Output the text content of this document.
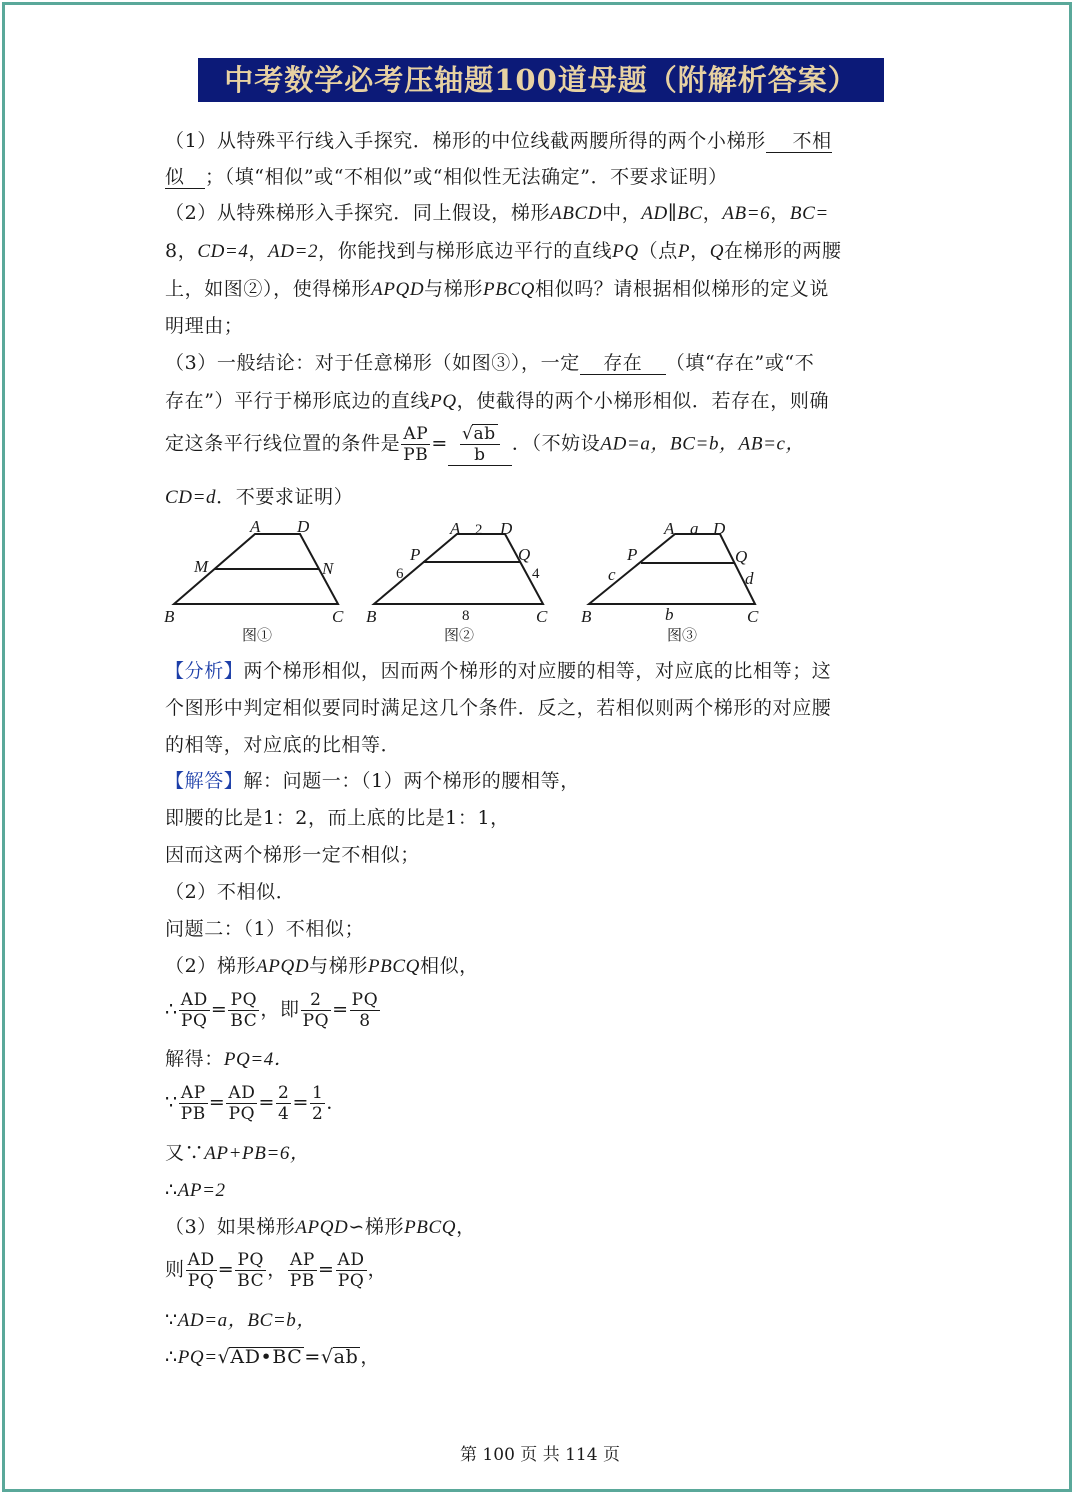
中考数学必考压轴题100道母题（附解析答案）
（1）从特殊平行线入手探究．梯形的中位线截两腰所得的两个小梯形 不相
似 ；（填“相似”或“不相似”或“相似性无法确定”．不要求证明）
（2）从特殊梯形入手探究．同上假设，梯形ABCD中，AD∥BC，AB=6，BC=
8，CD=4，AD=2，你能找到与梯形底边平行的直线PQ（点P，Q在梯形的两腰
上，如图②），使得梯形APQD与梯形PBCQ相似吗？请根据相似梯形的定义说
明理由；
（3）一般结论：对于任意梯形（如图③），一定 存在 （填“存在”或“不
存在”）平行于梯形底边的直线PQ，使截得的两个小梯形相似．若存在，则确
定这条平行线位置的条件是 $\frac{AP}{PB} = \frac{√ab}{b}$ ．（不妨设AD=a，BC=b，AB=c，
CD=d．不要求证明）
A D
M	N
B	C
图①
A 2 D
P	Q
6	4
B	8	C
图②
A a D
P	Q
c	d
B	b	C
图③
【分析】两个梯形相似，因而两个梯形的对应腰的相等，对应底的比相等；这
个图形中判定相似要同时满足这几个条件．反之，若相似则两个梯形的对应腰
的相等，对应底的比相等．
【解答】解：问题一：（1）两个梯形的腰相等，
即腰的比是1：2，而上底的比是1：1，
因而这两个梯形一定不相似；
（2）不相似．
问题二：（1）不相似；
（2）梯形APQD与梯形PBCQ相似，
∴ $\frac{AD}{PQ} = \frac{PQ}{BC}$ ，即 $\frac{2}{PQ} = \frac{PQ}{8}$
解得：PQ=4．
∵ $\frac{AP}{PB} = \frac{AD}{PQ} = \frac{2}{4} = \frac{1}{2}$ ．
又∵AP+PB=6，
∴AP=2
（3）如果梯形APQD∽梯形PBCQ，
则 $\frac{AD}{PQ} = \frac{PQ}{BC}$ ， $\frac{AP}{PB} = \frac{AD}{PQ}$ ，
∵AD=a，BC=b，
∴PQ=√AD•BC =√ab ，
第 100 页 共 114 页
